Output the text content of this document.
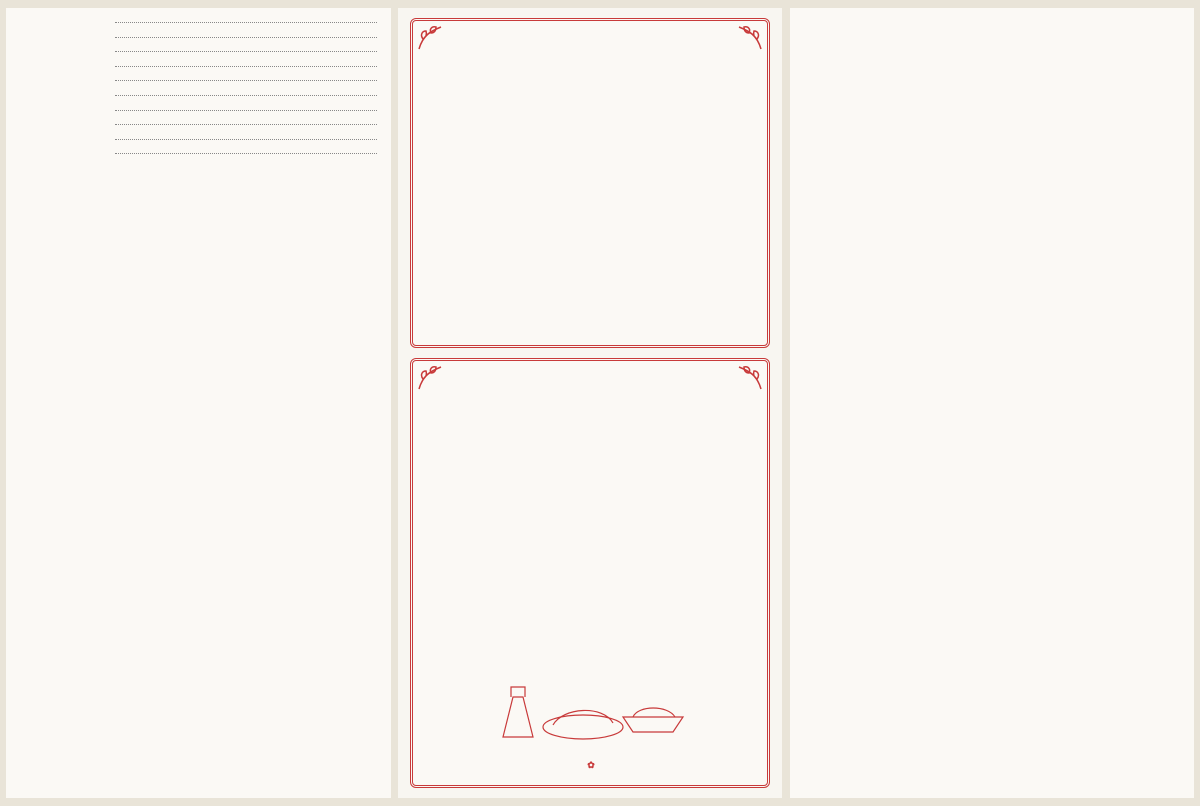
✿
